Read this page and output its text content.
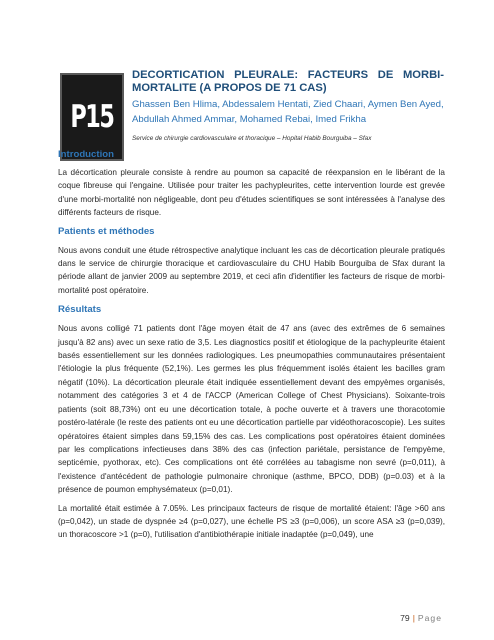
P15
DECORTICATION PLEURALE: FACTEURS DE MORBI-MORTALITE (A PROPOS DE 71 CAS)
Ghassen Ben Hlima, Abdessalem Hentati, Zied Chaari, Aymen Ben Ayed, Abdullah Ahmed Ammar, Mohamed Rebai, Imed Frikha
Service de chirurgie cardiovasculaire et thoracique – Hopital Habib Bourguiba – Sfax
Introduction

La décortication pleurale consiste à rendre au poumon sa capacité de réexpansion en le libérant de la coque fibreuse qui l'engaine. Utilisée pour traiter les pachypleurites, cette intervention lourde est grevée d'une morbi-mortalité non négligeable, dont peu d'études scientifiques se sont intéressées à l'analyse des différents facteurs de risque.

Patients et méthodes

Nous avons conduit une étude rétrospective analytique incluant les cas de décortication pleurale pratiqués dans le service de chirurgie thoracique et cardiovasculaire du CHU Habib Bourguiba de Sfax durant la période allant de janvier 2009 au septembre 2019, et ceci afin d'identifier les facteurs de risque de morbi-mortalité post opératoire.

Résultats

Nous avons colligé 71 patients dont l'âge moyen était de 47 ans (avec des extrêmes de 6 semaines jusqu'à 82 ans) avec un sexe ratio de 3,5. Les diagnostics positif et étiologique de la pachypleurite étaient basés essentiellement sur les données radiologiques. Les pneumopathies communautaires présentaient l'étiologie la plus fréquente (52,1%). Les germes les plus fréquemment isolés étaient les bacilles gram négatif (10%). La décortication pleurale était indiquée essentiellement devant des empyèmes organisés, notamment des catégories 3 et 4 de l'ACCP (American College of Chest Physicians). Soixante-trois patients (soit 88,73%) ont eu une décortication totale, à poche ouverte et à travers une thoracotomie postéro-latérale (le reste des patients ont eu une décortication partielle par vidéothoracoscopie). Les suites opératoires étaient simples dans 59,15% des cas. Les complications post opératoires étaient dominées par les complications infectieuses dans 38% des cas (infection pariétale, persistance de l'empyème, septicémie, pyothorax, etc). Ces complications ont été corrélées au tabagisme non sevré (p=0,011), à l'existence d'antécédent de pathologie pulmonaire chronique (asthme, BPCO, DDB) (p=0.03) et à la présence de poumon emphysémateux (p=0,01).

La mortalité était estimée à 7.05%. Les principaux facteurs de risque de mortalité étaient: l'âge >60 ans (p=0,042), un stade de dyspnée ≥4 (p=0,027), une échelle PS ≥3 (p=0,006), un score ASA ≥3 (p=0,039), un thoracoscore >1 (p=0), l'utilisation d'antibiothérapie initiale inadaptée (p=0,049), une

79 | Page
